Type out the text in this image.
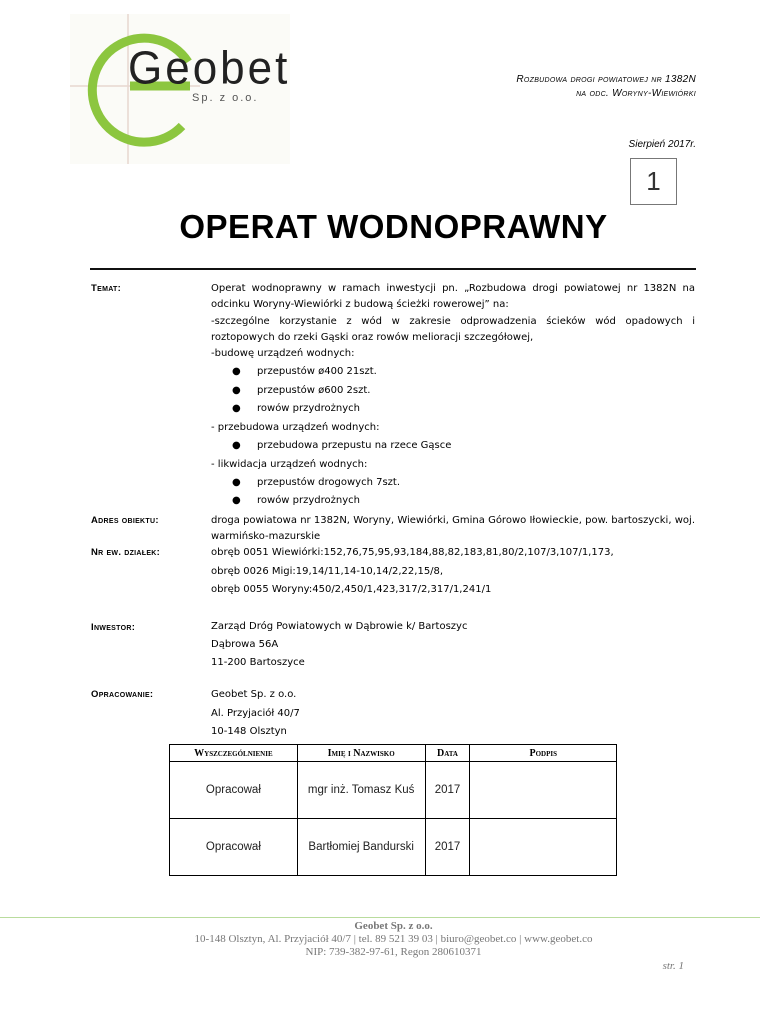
Geobet
Sp. z o.o.
Rozbudowa drogi powiatowej nr 1382N
na odc. Woryny-Wiewiórki
Sierpień 2017r.
1
OPERAT WODNOPRAWNY
Temat:	Operat wodnoprawny w ramach inwestycji pn. „Rozbudowa drogi powiatowej nr 1382N na odcinku Woryny-Wiewiórki z budową ścieżki rowerowej” na:
-szczególne korzystanie z wód w zakresie odprowadzenia ścieków wód opadowych i roztopowych do rzeki Gąski oraz rowów melioracji szczegółowej,
-budowę urządzeń wodnych:
● przepustów ø400 21szt.
● przepustów ø600 2szt.
● rowów przydrożnych
- przebudowa urządzeń wodnych:
● przebudowa przepustu na rzece Gąsce
- likwidacja urządzeń wodnych:
● przepustów drogowych 7szt.
● rowów przydrożnych
Adres obiektu:	droga powiatowa nr 1382N, Woryny, Wiewiórki, Gmina Górowo Iłowieckie, pow. bartoszycki, woj. warmińsko-mazurskie
Nr ew. działek:	obręb 0051 Wiewiórki:152,76,75,95,93,184,88,82,183,81,80/2,107/3,107/1,173,
obręb 0026 Migi:19,14/11,14-10,14/2,22,15/8,
obręb 0055 Woryny:450/2,450/1,423,317/2,317/1,241/1
Inwestor:	Zarząd Dróg Powiatowych w Dąbrowie k/ Bartoszyc
Dąbrowa 56A
11-200 Bartoszyce
Opracowanie:	Geobet Sp. z o.o.
Al. Przyjaciół 40/7
10-148 Olsztyn
Wyszczególnienie	Imię i Nazwisko	Data	Podpis
Opracował	mgr inż. Tomasz Kuś	2017	
Opracował	Bartłomiej Bandurski	2017	
Geobet Sp. z o.o.
10-148 Olsztyn, Al. Przyjaciół 40/7 | tel. 89 521 39 03 | biuro@geobet.co | www.geobet.co
NIP: 739-382-97-61, Regon 280610371
str. 1
